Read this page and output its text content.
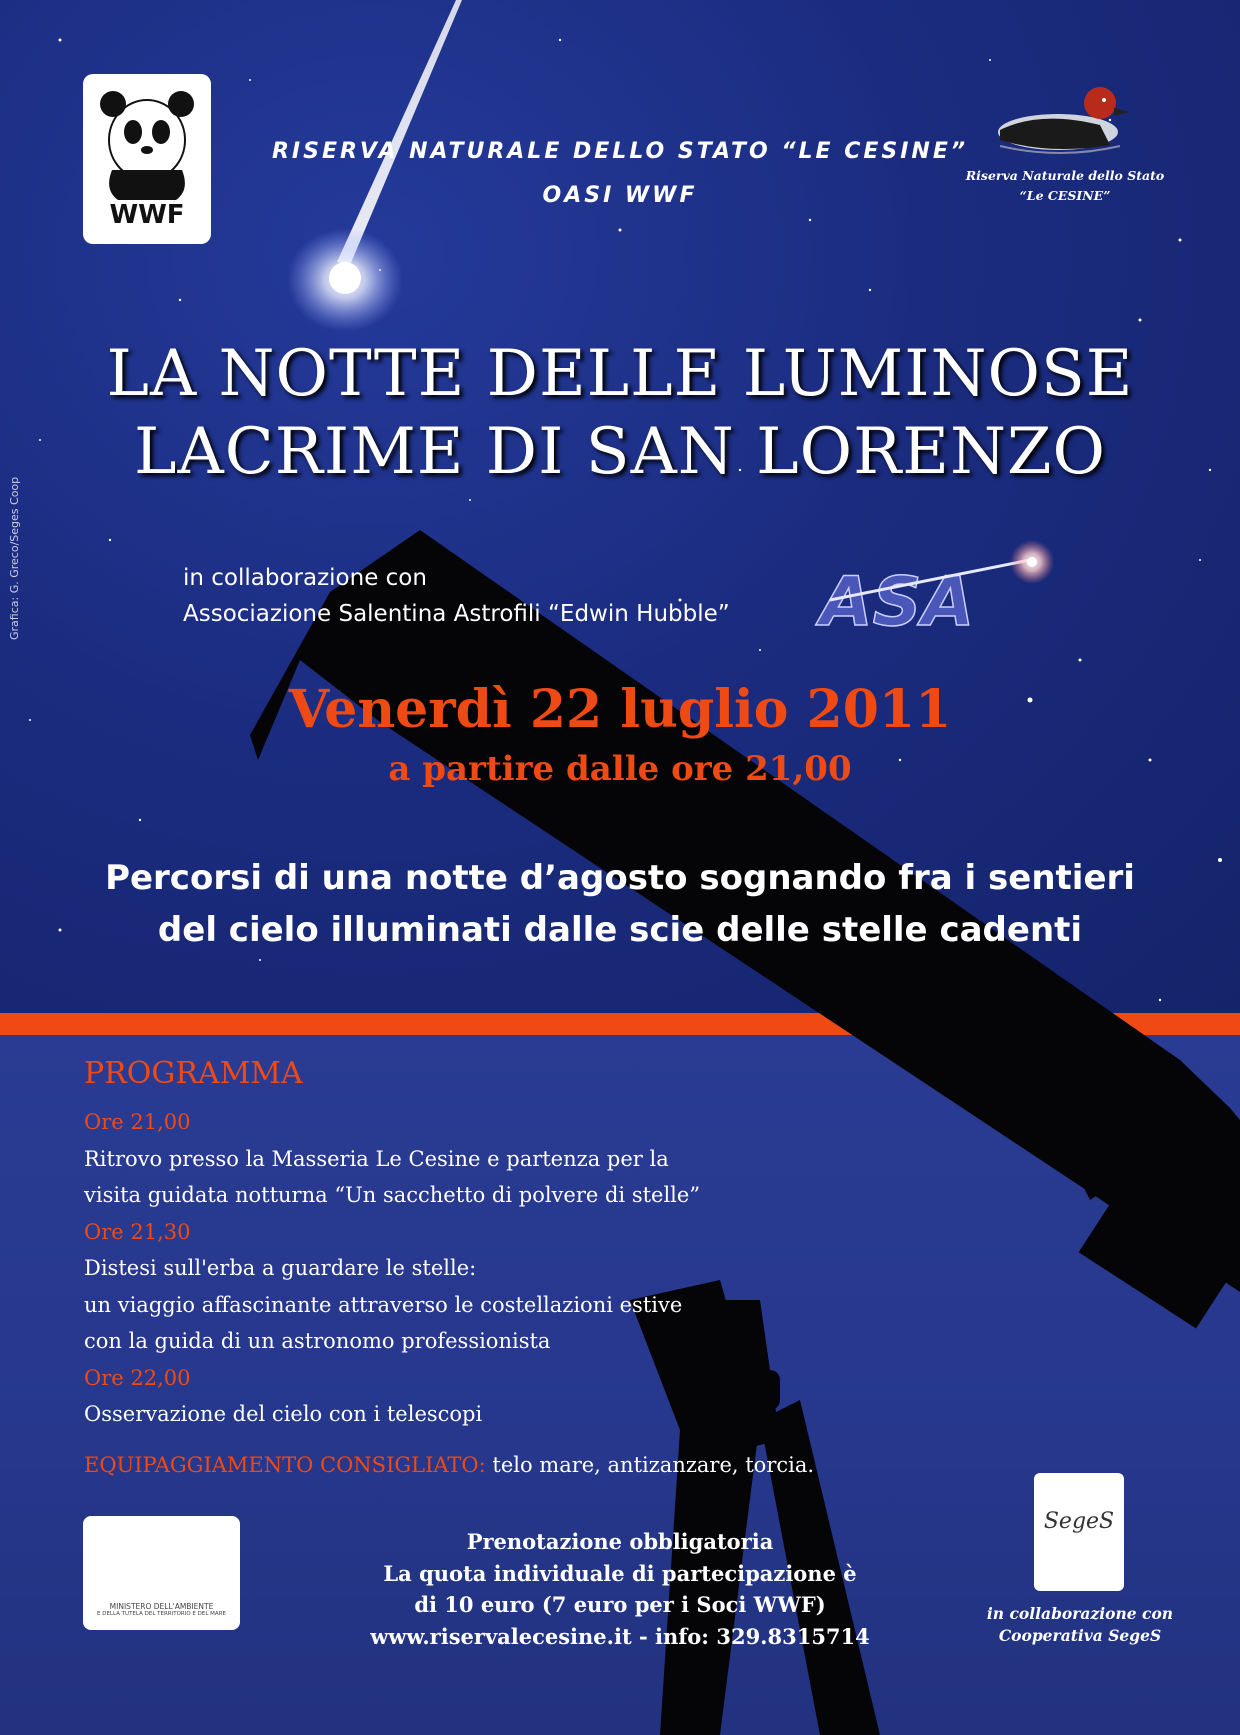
ASA
Grafica: G. Greco/Seges Coop
WWF
RISERVA NATURALE DELLO STATO “LE CESINE”
OASI WWF
Riserva Naturale dello Stato
“Le CESINE”
LA NOTTE DELLE LUMINOSE
LACRIME DI SAN LORENZO
in collaborazione con
Associazione Salentina Astrofili “Edwin Hubble”
Venerdì 22 luglio 2011
a partire dalle ore 21,00
Percorsi di una notte d’agosto sognando fra i sentieri
del cielo illuminati dalle scie delle stelle cadenti
PROGRAMMA
Ore 21,00
Ritrovo presso la Masseria Le Cesine e partenza per la
visita guidata notturna “Un sacchetto di polvere di stelle”
Ore 21,30
Distesi sull'erba a guardare le stelle:
un viaggio affascinante attraverso le costellazioni estive
con la guida di un astronomo professionista
Ore 22,00
Osservazione del cielo con i telescopi
EQUIPAGGIAMENTO CONSIGLIATO: telo mare, antizanzare, torcia.
MINISTERO DELL'AMBIENTE
E DELLA TUTELA DEL TERRITORIO E DEL MARE
Prenotazione obbligatoria
La quota individuale di partecipazione è
di 10 euro (7 euro per i Soci WWF)
www.riservalecesine.it - info: 329.8315714
SegeS
in collaborazione con
Cooperativa SegeS
